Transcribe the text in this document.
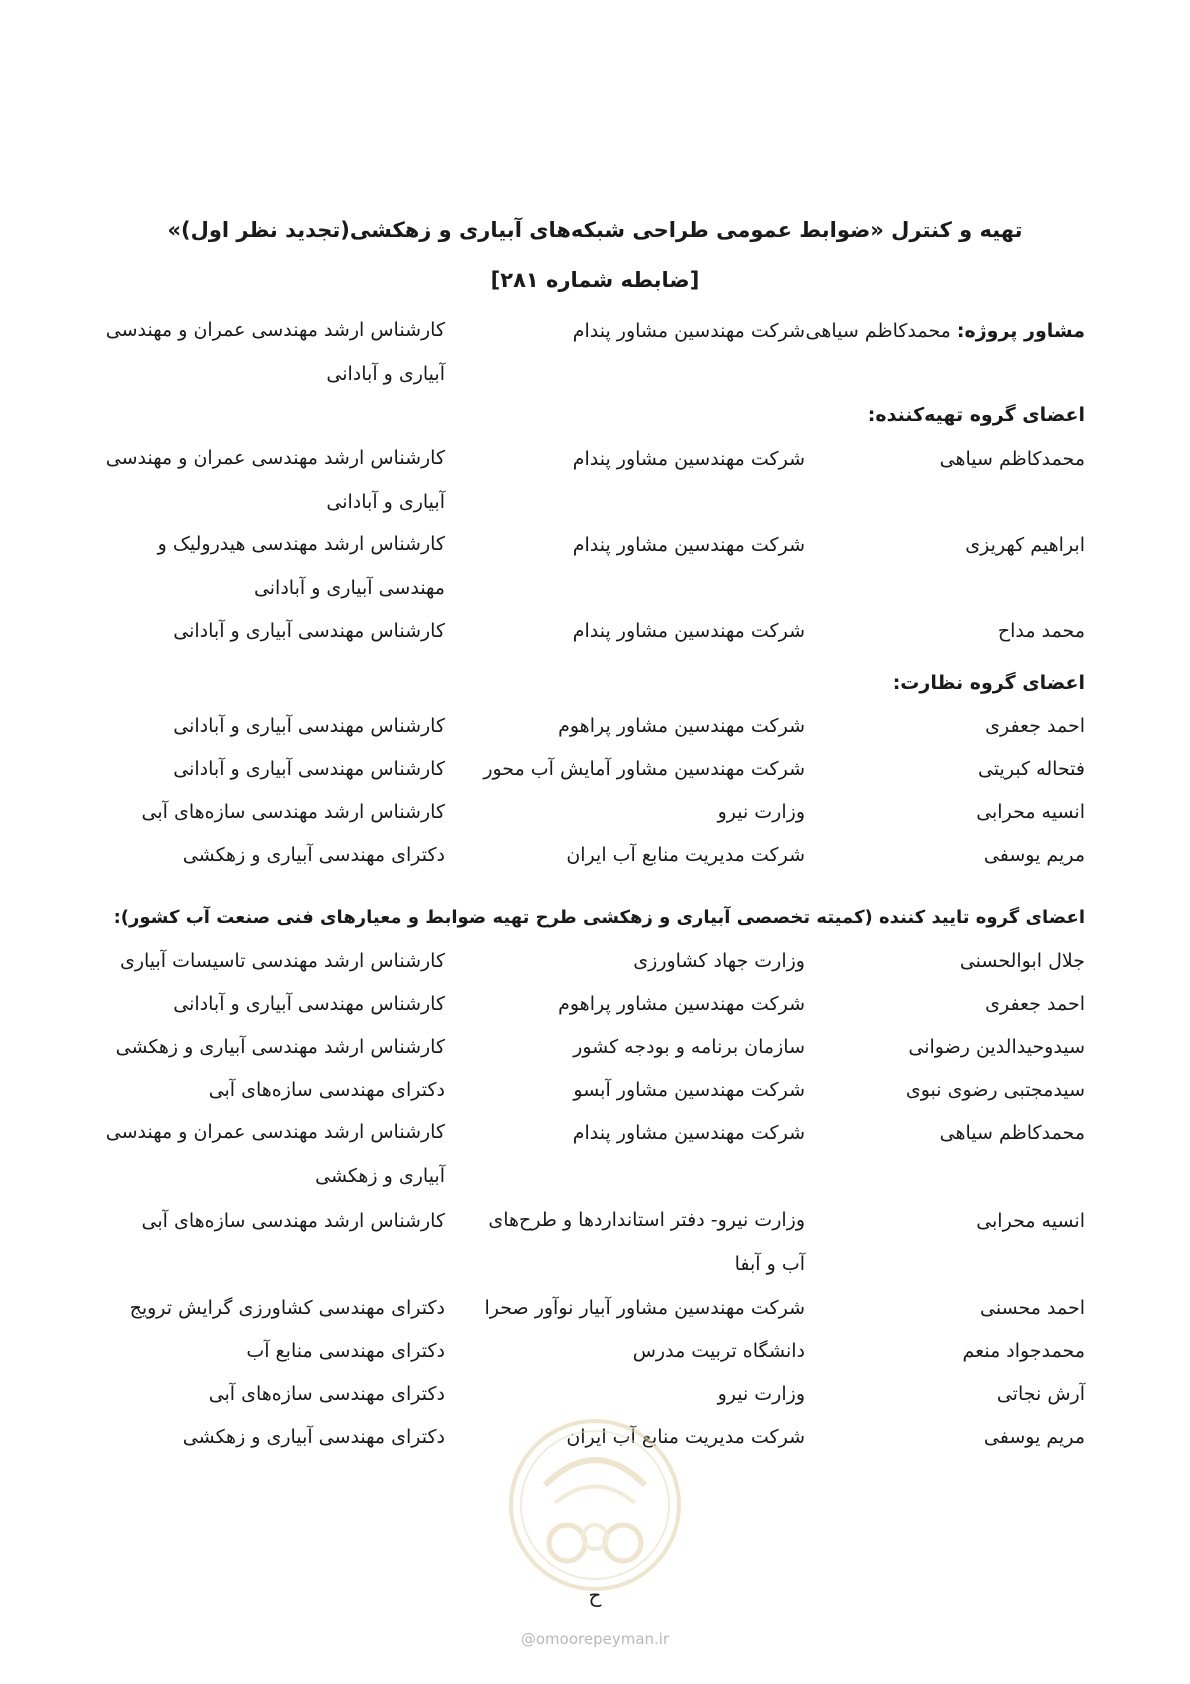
تهیه و کنترل «ضوابط عمومی طراحی شبکه‌های آبیاری و زهکشی(تجدید نظر اول)»
[ضابطه شماره ۲۸۱]
مشاور پروژه: محمدکاظم سیاهی
شرکت مهندسین مشاور پندام
کارشناس ارشد مهندسی عمران و مهندسی آبیاری و آبادانی
اعضای گروه تهیه‌کننده:
محمدکاظم سیاهی
شرکت مهندسین مشاور پندام
کارشناس ارشد مهندسی عمران و مهندسی آبیاری و آبادانی
ابراهیم کهریزی
شرکت مهندسین مشاور پندام
کارشناس ارشد مهندسی هیدرولیک و مهندسی آبیاری و آبادانی
محمد مداح
شرکت مهندسین مشاور پندام
کارشناس مهندسی آبیاری و آبادانی
اعضای گروه نظارت:
احمد جعفری
شرکت مهندسین مشاور پراهوم
کارشناس مهندسی آبیاری و آبادانی
فتحاله کبریتی
شرکت مهندسین مشاور آمایش آب محور
کارشناس مهندسی آبیاری و آبادانی
انسیه محرابی
وزارت نیرو
کارشناس ارشد مهندسی سازه‌های آبی
مریم یوسفی
شرکت مدیریت منابع آب ایران
دکترای مهندسی آبیاری و زهکشی
اعضای گروه تایید کننده (کمیته تخصصی آبیاری و زهکشی طرح تهیه ضوابط و معیارهای فنی صنعت آب کشور):
جلال ابوالحسنی
وزارت جهاد کشاورزی
کارشناس ارشد مهندسی تاسیسات آبیاری
احمد جعفری
شرکت مهندسین مشاور پراهوم
کارشناس مهندسی آبیاری و آبادانی
سیدوحیدالدین رضوانی
سازمان برنامه و بودجه کشور
کارشناس ارشد مهندسی آبیاری و زهکشی
سیدمجتبی رضوی نبوی
شرکت مهندسین مشاور آبسو
دکترای مهندسی سازه‌های آبی
محمدکاظم سیاهی
شرکت مهندسین مشاور پندام
کارشناس ارشد مهندسی عمران و مهندسی آبیاری و زهکشی
انسیه محرابی
وزارت نیرو- دفتر استانداردها و طرح‌های آب و آبفا
کارشناس ارشد مهندسی سازه‌های آبی
احمد محسنی
شرکت مهندسین مشاور آبیار نوآور صحرا
دکترای مهندسی کشاورزی گرایش ترویج
محمدجواد منعم
دانشگاه تربیت مدرس
دکترای مهندسی منابع آب
آرش نجاتی
وزارت نیرو
دکترای مهندسی سازه‌های آبی
مریم یوسفی
شرکت مدیریت منابع آب ایران
دکترای مهندسی آبیاری و زهکشی
ح
@omoorepeyman.ir
